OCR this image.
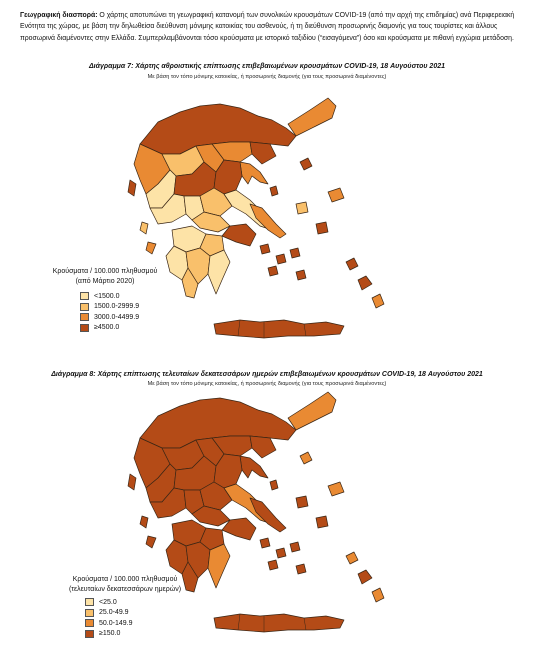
Γεωγραφική διασπορά: Ο χάρτης αποτυπώνει τη γεωγραφική κατανομή των συνολικών κρουσμάτων COVID-19 (από την αρχή της επιδημίας) ανά Περιφερειακή Ενότητα της χώρας, με βάση την δηλωθείσα διεύθυνση μόνιμης κατοικίας του ασθενούς, ή τη διεύθυνση προσωρινής διαμονής για τους τουρίστες και άλλους προσωρινά διαμένοντες στην Ελλάδα. Συμπεριλαμβάνονται τόσο κρούσματα με ιστορικό ταξιδίου (“εισαγόμενα”) όσο και κρούσματα με πιθανή εγχώρια μετάδοση.
Διάγραμμα 7: Χάρτης αθροιστικής επίπτωσης επιβεβαιωμένων κρουσμάτων COVID-19, 18 Αυγούστου 2021
Με βάση τον τόπο μόνιμης κατοικίας, ή προσωρινής διαμονής (για τους προσωρινά διαμένοντες)
Κρούσματα / 100.000 πληθυσμού
(από Μάρτιο 2020)
<1500.0
1500.0-2999.9
3000.0-4499.9
≥4500.0
Διάγραμμα 8: Χάρτης επίπτωσης τελευταίων δεκατεσσάρων ημερών επιβεβαιωμένων κρουσμάτων COVID-19, 18 Αυγούστου 2021
Με βάση τον τόπο μόνιμης κατοικίας, ή προσωρινής διαμονής (για τους προσωρινά διαμένοντες)
Κρούσματα / 100.000 πληθυσμού
(τελευταίων δεκατεσσάρων ημερών)
<25.0
25.0-49.9
50.0-149.9
≥150.0
